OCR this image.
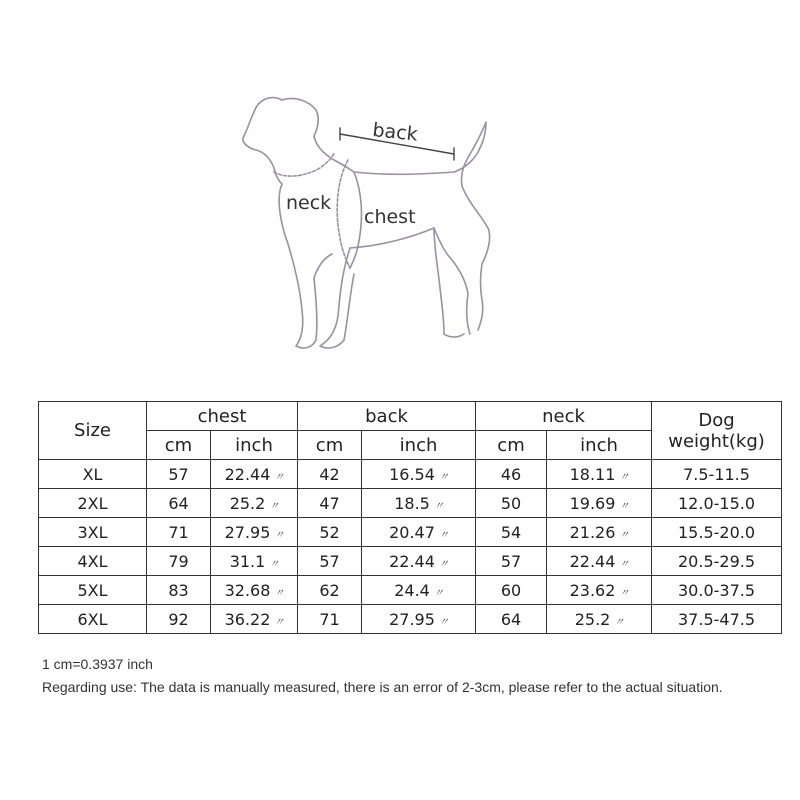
back
neck
chest
Size	chest		back		neck		Dog weight(kg)
	cm	inch	cm	inch	cm	inch	
XL	57	22.44 〃	42	16.54 〃	46	18.11 〃	7.5-11.5
2XL	64	25.2 〃	47	18.5 〃	50	19.69 〃	12.0-15.0
3XL	71	27.95 〃	52	20.47 〃	54	21.26 〃	15.5-20.0
4XL	79	31.1 〃	57	22.44 〃	57	22.44 〃	20.5-29.5
5XL	83	32.68 〃	62	24.4 〃	60	23.62 〃	30.0-37.5
6XL	92	36.22 〃	71	27.95 〃	64	25.2 〃	37.5-47.5
1 cm=0.3937 inch
Regarding use: The data is manually measured, there is an error of 2-3cm, please refer to the actual situation.
